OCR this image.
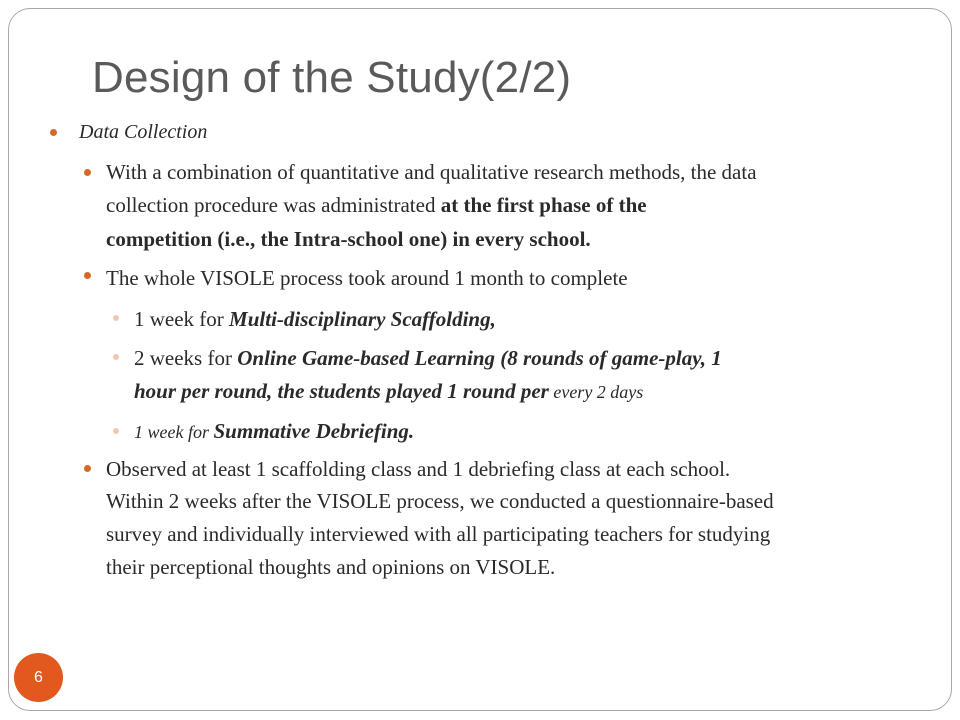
Design of the Study(2/2)
Data Collection
With a combination of quantitative and qualitative research methods, the data
collection procedure was administrated at the first phase of the
competition (i.e., the Intra-school one) in every school.
The whole VISOLE process took around 1 month to complete
1 week for Multi-disciplinary Scaffolding,
2 weeks for Online Game-based Learning (8 rounds of game-play, 1
hour per round, the students played 1 round per every 2 days
1 week for Summative Debriefing.
Observed at least 1 scaffolding class and 1 debriefing class at each school.
Within 2 weeks after the VISOLE process, we conducted a questionnaire-based
survey and individually interviewed with all participating teachers for studying
their perceptional thoughts and opinions on VISOLE.
6
